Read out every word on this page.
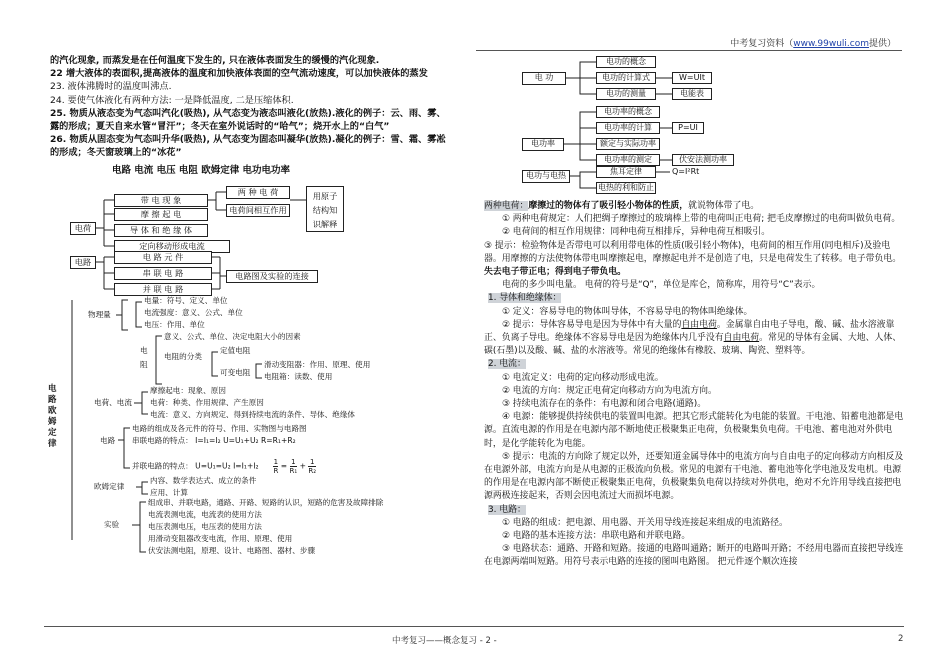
中考复习资料（www.99wuli.com提供）
的汽化现象, 而蒸发是在任何温度下发生的, 只在液体表面发生的缓慢的汽化现象.
22 增大液体的表面积,提高液体的温度和加快液体表面的空气流动速度，可以加快液体的蒸发
23. 液体沸腾时的温度叫沸点.
24. 要使气体液化有两种方法: 一是降低温度, 二是压缩体积.
25. 物质从液态变为气态叫汽化(吸热), 从气态变为液态叫液化(放热).液化的例子：云、雨、雾、
露的形成；夏天自来水管“冒汗”；冬天在室外说话时的“哈气”；烧开水上的“白气”
26. 物质从固态变为气态叫升华(吸热), 从气态变为固态叫凝华(放热).凝化的例子：雪、霜、雾凇
的形成；冬天窗玻璃上的“冰花”
电路 电流 电压 电阻 欧姆定律 电功电功率
电荷
带 电 现 象
摩 擦 起 电
导 体 和 绝 缘 体
定向移动形成电流
两 种 电 荷
电荷间相互作用
用原子
结构知
识解释
电路	电 路 元 件
串 联 电 路
并 联 电 路
电路图及实验的连接
电路 欧姆定律
物理量
电量：符号、定义、单位
电流强度：意义、公式、单位
电压：作用、单位
电阻
意义、公式、单位、决定电阻大小的因素
电阻的分类
定值电阻
可变电阻
滑动变阻器：作用、原理、使用
电阻箱：读数、使用
电荷、电流
摩擦起电：现象、原因
电荷：种类、作用规律、产生原因
电流：意义、方向规定、得到持续电流的条件、导体、绝缘体
电路
电路的组成及各元件的符号、作用、实物图与电路图
串联电路的特点： I=I₁=I₂ U=U₁+U₂ R=R₁+R₂
并联电路的特点： U=U₁=U₂ $I=I_1+I_2 \frac{1}{R} = \frac{1}{\text{R₁}} + \frac{1}{\text{R₂}}$
欧姆定律
内容、数学表达式、成立的条件
应用、计算
实验
组成串、并联电路，通路、开路、短路的认识，短路的危害及故障排除
电流表测电流，电流表的使用方法
电压表测电压，电压表的使用方法
用滑动变阻器改变电流，作用、原理、使用
伏安法测电阻，原理、设计、电路图、器材、步骤
电 功
电功的概念
电功的计算式
电功的测量
W=UIt
电能表
电功率
电功率的概念
电功率的计算
额定与实际功率
电功率的测定
P=UI
伏安法测功率
电功与电热	焦耳定律
电热的利和防止
Q=I²Rt
两种电荷：摩擦过的物体有了吸引轻小物体的性质，就说物体带了电。
① 两种电荷规定：人们把绸子摩擦过的玻璃棒上带的电荷叫正电荷; 把毛皮摩擦过的电荷叫做负电荷。
② 电荷间的相互作用规律：同种电荷互相排斥，异种电荷互相吸引。
③ 提示：检验物体是否带电可以利用带电体的性质(吸引轻小物体)，电荷间的相互作用(同电相斥)及验电器。用摩擦的方法使物体带电叫摩擦起电，摩擦起电并不是创造了电，只是电荷发生了转移。电子带负电。失去电子带正电；得到电子带负电。
电荷的多少叫电量。 电荷的符号是“Q”，单位是库仑，简称库，用符号“C”表示。
1. 导体和绝缘体：
① 定义：容易导电的物体叫导体，不容易导电的物体叫绝缘体。
② 提示：导体容易导电是因为导体中有大量的自由电荷。金属靠自由电子导电，酸、碱、盐水溶液靠正、负离子导电。绝缘体不容易导电是因为绝缘体内几乎没有自由电荷。常见的导体有金属、大地、人体、碳(石墨)以及酸、碱、盐的水溶液等。常见的绝缘体有橡胶、玻璃、陶瓷、塑料等。
2. 电流：
① 电流定义：电荷的定向移动形成电流。
② 电流的方向：规定正电荷定向移动方向为电流方向。
③ 持续电流存在的条件：有电源和闭合电路(通路)。
④ 电源：能够提供持续供电的装置叫电源。把其它形式能转化为电能的装置。干电池、铅蓄电池都是电源。直流电源的作用是在电源内部不断地使正极聚集正电荷，负极聚集负电荷。干电池、蓄电池对外供电时，是化学能转化为电能。
⑤ 提示：电流的方向除了规定以外，还要知道金属导体中的电流方向与自由电子的定向移动方向相反及在电源外部，电流方向是从电源的正极流向负极。常见的电源有干电池、蓄电池等化学电池及发电机。电源的作用是在电源内部不断使正极聚集正电荷，负极聚集负电荷以持续对外供电，绝对不允许用导线直接把电源两极连接起来，否则会因电流过大而损坏电源。
3. 电路：
① 电路的组成：把电源、用电器、开关用导线连接起来组成的电流路径。
② 电路的基本连接方法：串联电路和并联电路。
③ 电路状态：通路、开路和短路。接通的电路叫通路；断开的电路叫开路；不经用电器而直接把导线连在电源两端叫短路。用符号表示电路的连接的图叫电路图。 把元件逐个顺次连接
中考复习——概念复习 - 2 -	2
